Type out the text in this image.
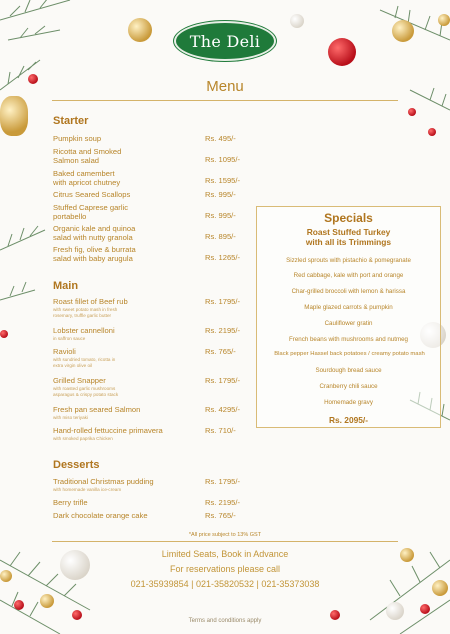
The Deli
Menu
Starter
Pumpkin soup	Rs. 495/-
Ricotta and Smoked
Salmon salad	Rs. 1095/-
Baked camembert
with apricot chutney	Rs. 1595/-
Citrus Seared Scallops	Rs. 995/-
Stuffed Caprese garlic
portabello	Rs. 995/-
Organic kale and quinoa
salad with nutty granola	Rs. 895/-
Fresh fig, olive & burrata
salad with baby arugula	Rs. 1265/-
Main
Roast fillet of Beef rub
with sweet potato mash in fresh
rosemary, truffle garlic butter
Rs. 1795/-
Lobster cannelloni
in saffron sauce
Rs. 2195/-
Ravioli
with sundried tomato, ricotta in
extra virgin olive oil
Rs. 765/-
Grilled Snapper
with roasted garlic mushrooms
asparagus & crispy potato stack
Rs. 1795/-
Fresh pan seared Salmon
with miso teriyaki
Rs. 4295/-
Hand-rolled fettuccine primavera
with smoked paprika Chicken
Rs. 710/-
Desserts
Traditional Christmas pudding
with homemade vanilla ice-cream
Rs. 1795/-
Berry trifle	Rs. 2195/-
Dark chocolate orange cake	Rs. 765/-
Specials
Roast Stuffed Turkey
with all its Trimmings
Sizzled sprouts with pistachio & pomegranate
Red cabbage, kale with port and orange
Char-grilled broccoli with lemon & harissa
Maple glazed carrots & pumpkin
Cauliflower gratin
French beans with mushrooms and nutmeg
Black pepper Hassel back potatoes / creamy potato mash
Sourdough bread sauce
Cranberry chili sauce
Homemade gravy
Rs. 2095/-
*All price subject to 13% GST
Limited Seats, Book in Advance
For reservations please call
021-35939854 | 021-35820532 | 021-35373038
Terms and conditions apply
